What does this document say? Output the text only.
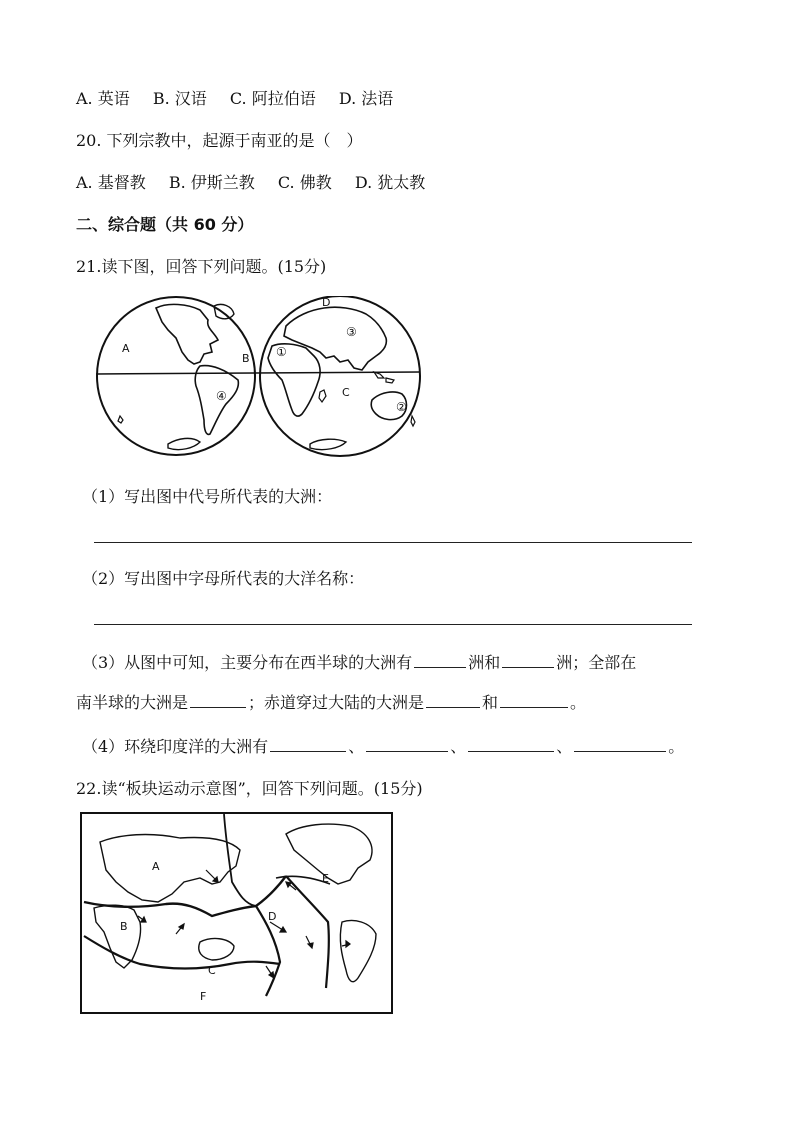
A. 英语 B. 汉语 C. 阿拉伯语 D. 法语
20. 下列宗教中，起源于南亚的是（　）
A. 基督教 B. 伊斯兰教 C. 佛教 D. 犹太教
二、综合题（共 60 分）
21.读下图，回答下列问题。(15分)
A
B
C
D
①
②
③
④
（1）写出图中代号所代表的大洲：
（2）写出图中字母所代表的大洋名称：
（3）从图中可知，主要分布在西半球的大洲有	洲和	洲；全部在
南半球的大洲是	；赤道穿过大陆的大洲是	和	。
（4）环绕印度洋的大洲有	、	、	、	。
22.读“板块运动示意图”，回答下列问题。(15分)
A
B
C
D
E
F
